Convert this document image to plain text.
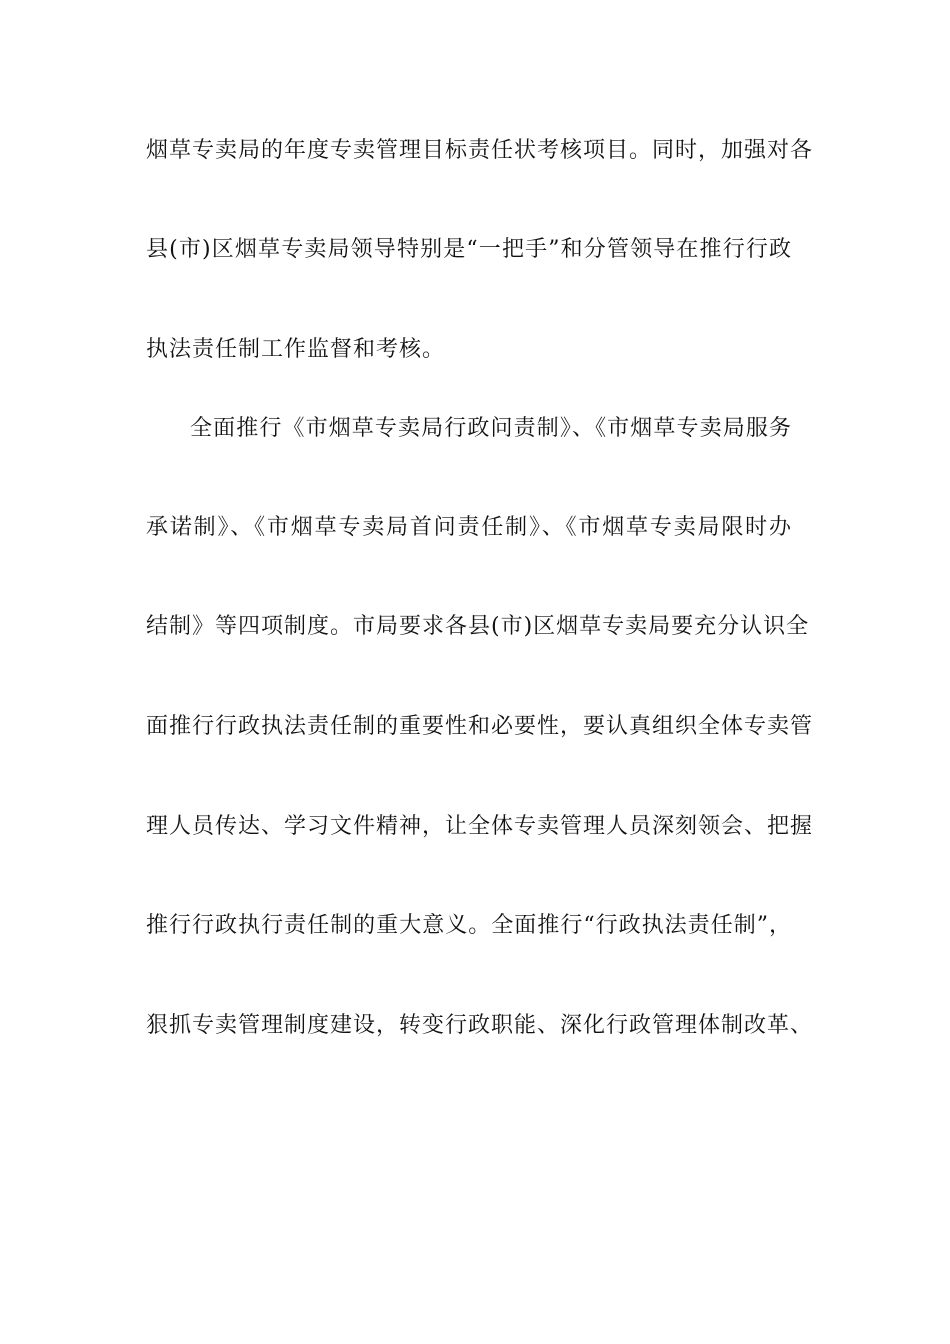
烟草专卖局的年度专卖管理目标责任状考核项目。同时，加强对各
县(市)区烟草专卖局领导特别是“一把手”和分管领导在推行行政
执法责任制工作监督和考核。
全面推行《市烟草专卖局行政问责制》、《市烟草专卖局服务
承诺制》、《市烟草专卖局首问责任制》、《市烟草专卖局限时办
结制》等四项制度。市局要求各县(市)区烟草专卖局要充分认识全
面推行行政执法责任制的重要性和必要性，要认真组织全体专卖管
理人员传达、学习文件精神，让全体专卖管理人员深刻领会、把握
推行行政执行责任制的重大意义。全面推行“行政执法责任制”，
狠抓专卖管理制度建设，转变行政职能、深化行政管理体制改革、
